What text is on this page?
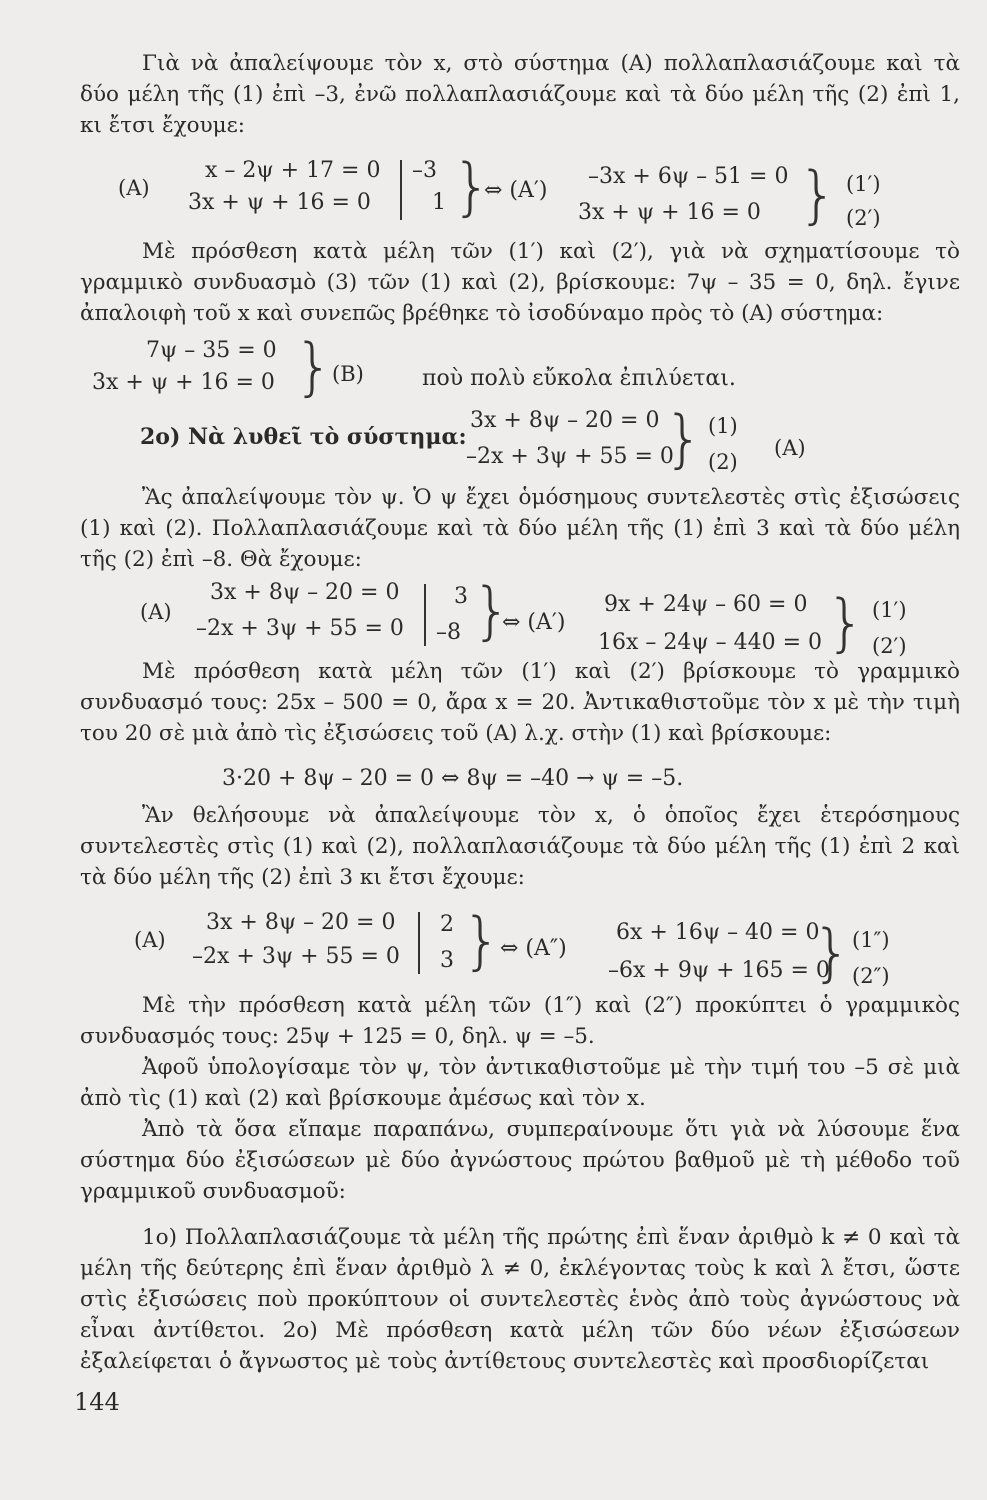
Γιὰ νὰ ἀπαλείψουμε τὸν x, στὸ σύστημα (Α) πολλαπλασιάζουμε καὶ τὰ δύο μέλη τῆς (1) ἐπὶ –3, ἐνῶ πολλαπλασιάζουμε καὶ τὰ δύο μέλη τῆς (2) ἐπὶ 1, κι ἔτσι ἔχουμε:

(Α)
x – 2ψ + 17 = 0
3x + ψ + 16 = 0
–3
1 }
⇔ (Α′)
–3x + 6ψ – 51 = 0
3x + ψ + 16 = 0 } (1′)
(2′)

Μὲ πρόσθεση κατὰ μέλη τῶν (1′) καὶ (2′), γιὰ νὰ σχηματίσουμε τὸ γραμμικὸ συνδυασμὸ (3) τῶν (1) καὶ (2), βρίσκουμε: 7ψ – 35 = 0, δηλ. ἔγινε ἀπαλοιφὴ τοῦ x καὶ συνεπῶς βρέθηκε τὸ ἰσοδύναμο πρὸς τὸ (Α) σύστημα:

7ψ – 35 = 0
3x + ψ + 16 = 0 }
(Β)	ποὺ πολὺ εὔκολα ἐπιλύεται.
2ο) Νὰ λυθεῖ τὸ σύστημα:
3x + 8ψ – 20 = 0
–2x + 3ψ + 55 = 0
} (1)
(2)
(Α)

Ἂς ἀπαλείψουμε τὸν ψ. Ὁ ψ ἔχει ὁμόσημους συντελεστὲς στὶς ἐξισώσεις (1) καὶ (2). Πολλαπλασιάζουμε καὶ τὰ δύο μέλη τῆς (1) ἐπὶ 3 καὶ τὰ δύο μέλη τῆς (2) ἐπὶ –8. Θὰ ἔχουμε:

(Α)
3x + 8ψ – 20 = 0
–2x + 3ψ + 55 = 0
3
–8 }
⇔ (Α′)
9x + 24ψ – 60 = 0
16x – 24ψ – 440 = 0 } (1′)
(2′)

Μὲ πρόσθεση κατὰ μέλη τῶν (1′) καὶ (2′) βρίσκουμε τὸ γραμμικὸ συνδυασμό τους: 25x – 500 = 0, ἄρα x = 20. Ἀντικαθιστοῦμε τὸν x μὲ τὴν τιμὴ του 20 σὲ μιὰ ἀπὸ τὶς ἐξισώσεις τοῦ (Α) λ.χ. στὴν (1) καὶ βρίσκουμε:

3·20 + 8ψ – 20 = 0 ⇔ 8ψ = –40 → ψ = –5.

Ἂν θελήσουμε νὰ ἀπαλείψουμε τὸν x, ὁ ὁποῖος ἔχει ἑτερόσημους συντελεστὲς στὶς (1) καὶ (2), πολλαπλασιάζουμε τὰ δύο μέλη τῆς (1) ἐπὶ 2 καὶ τὰ δύο μέλη τῆς (2) ἐπὶ 3 κι ἔτσι ἔχουμε:

(Α)
3x + 8ψ – 20 = 0
–2x + 3ψ + 55 = 0
2
3 }
⇔ (Α″)
6x + 16ψ – 40 = 0
–6x + 9ψ + 165 = 0
} (1″)
(2″)

Μὲ τὴν πρόσθεση κατὰ μέλη τῶν (1″) καὶ (2″) προκύπτει ὁ γραμμικὸς συνδυασμός τους: 25ψ + 125 = 0, δηλ. ψ = –5.

Ἀφοῦ ὑπολογίσαμε τὸν ψ, τὸν ἀντικαθιστοῦμε μὲ τὴν τιμή του –5 σὲ μιὰ ἀπὸ τὶς (1) καὶ (2) καὶ βρίσκουμε ἀμέσως καὶ τὸν x.

Ἀπὸ τὰ ὅσα εἴπαμε παραπάνω, συμπεραίνουμε ὅτι γιὰ νὰ λύσουμε ἕνα σύστημα δύο ἐξισώσεων μὲ δύο ἀγνώστους πρώτου βαθμοῦ μὲ τὴ μέθοδο τοῦ γραμμικοῦ συνδυασμοῦ:

1ο) Πολλαπλασιάζουμε τὰ μέλη τῆς πρώτης ἐπὶ ἕναν ἀριθμὸ k ≠ 0 καὶ τὰ μέλη τῆς δεύτερης ἐπὶ ἕναν ἀριθμὸ λ ≠ 0, ἐκλέγοντας τοὺς k καὶ λ ἔτσι, ὥστε στὶς ἐξισώσεις ποὺ προκύπτουν οἱ συντελεστὲς ἑνὸς ἀπὸ τοὺς ἀγνώστους νὰ εἶναι ἀντίθετοι. 2ο) Μὲ πρόσθεση κατὰ μέλη τῶν δύο νέων ἐξισώσεων ἐξαλείφεται ὁ ἄγνωστος μὲ τοὺς ἀντίθετους συντελεστὲς καὶ προσδιορίζεται

144
